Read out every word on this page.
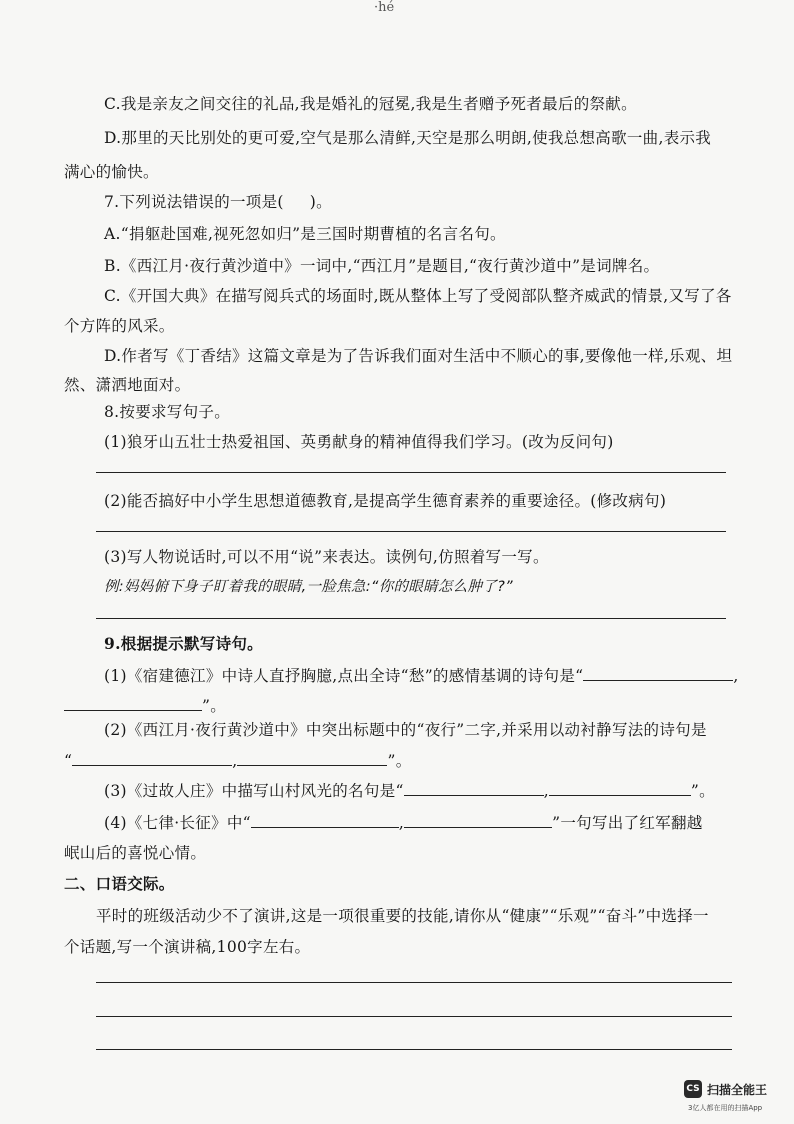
·hé
C.我是亲友之间交往的礼品,我是婚礼的冠冕,我是生者赠予死者最后的祭献。
D.那里的天比别处的更可爱,空气是那么清鲜,天空是那么明朗,使我总想高歌一曲,表示我
满心的愉快。
7.下列说法错误的一项是( )。
A.“捐躯赴国难,视死忽如归”是三国时期曹植的名言名句。
B.《西江月·夜行黄沙道中》一词中,“西江月”是题目,“夜行黄沙道中”是词牌名。
C.《开国大典》在描写阅兵式的场面时,既从整体上写了受阅部队整齐威武的情景,又写了各
个方阵的风采。
D.作者写《丁香结》这篇文章是为了告诉我们面对生活中不顺心的事,要像他一样,乐观、坦
然、潇洒地面对。
8.按要求写句子。
(1)狼牙山五壮士热爱祖国、英勇献身的精神值得我们学习。(改为反问句)
(2)能否搞好中小学生思想道德教育,是提高学生德育素养的重要途径。(修改病句)
(3)写人物说话时,可以不用“说”来表达。读例句,仿照着写一写。
例:妈妈俯下身子盯着我的眼睛,一脸焦急:“你的眼睛怎么肿了?”
9.根据提示默写诗句。
(1)《宿建德江》中诗人直抒胸臆,点出全诗“愁”的感情基调的诗句是“	,
”。
(2)《西江月·夜行黄沙道中》中突出标题中的“夜行”二字,并采用以动衬静写法的诗句是
“	,	”。
(3)《过故人庄》中描写山村风光的名句是“	,	”。
(4)《七律·长征》中“	,	”一句写出了红军翻越
岷山后的喜悦心情。
二、口语交际。
平时的班级活动少不了演讲,这是一项很重要的技能,请你从“健康”“乐观”“奋斗”中选择一
个话题,写一个演讲稿,100字左右。
CS 扫描全能王
3亿人都在用的扫描App
